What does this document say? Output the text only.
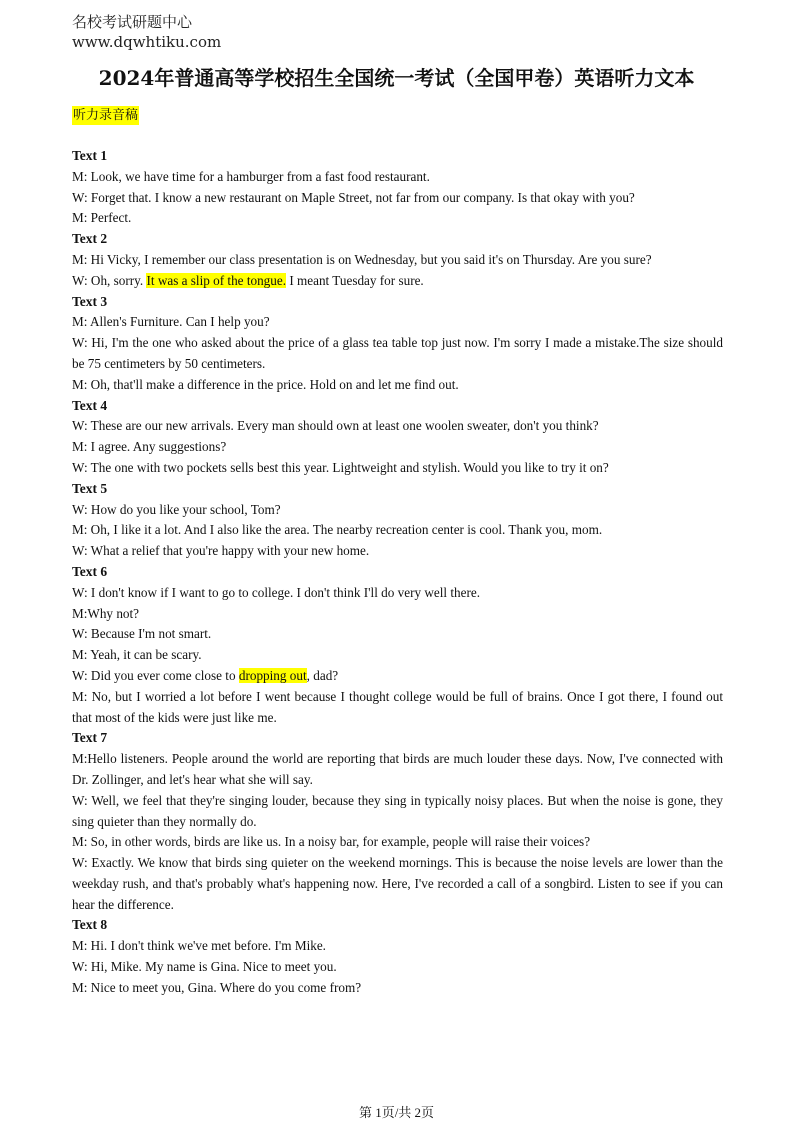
名校考试研题中心
www.dqwhtiku.com
2024年普通高等学校招生全国统一考试（全国甲卷）英语听力文本
听力录音稿
Text 1
M: Look, we have time for a hamburger from a fast food restaurant.
W: Forget that. I know a new restaurant on Maple Street, not far from our company. Is that okay with you?
M: Perfect.
Text 2
M: Hi Vicky, I remember our class presentation is on Wednesday, but you said it's on Thursday. Are you sure?
W: Oh, sorry. It was a slip of the tongue. I meant Tuesday for sure.
Text 3
M: Allen's Furniture. Can I help you?
W: Hi, I'm the one who asked about the price of a glass tea table top just now. I'm sorry I made a mistake.The size should be 75 centimeters by 50 centimeters.
M: Oh, that'll make a difference in the price. Hold on and let me find out.
Text 4
W: These are our new arrivals. Every man should own at least one woolen sweater, don't you think?
M: I agree. Any suggestions?
W: The one with two pockets sells best this year. Lightweight and stylish. Would you like to try it on?
Text 5
W: How do you like your school, Tom?
M: Oh, I like it a lot. And I also like the area. The nearby recreation center is cool. Thank you, mom.
W: What a relief that you're happy with your new home.
Text 6
W: I don't know if I want to go to college. I don't think I'll do very well there.
M:Why not?
W: Because I'm not smart.
M: Yeah, it can be scary.
W: Did you ever come close to dropping out, dad?
M: No, but I worried a lot before I went because I thought college would be full of brains. Once I got there, I found out that most of the kids were just like me.
Text 7
M:Hello listeners. People around the world are reporting that birds are much louder these days. Now, I've connected with Dr. Zollinger, and let's hear what she will say.
W: Well, we feel that they're singing louder, because they sing in typically noisy places. But when the noise is gone, they sing quieter than they normally do.
M: So, in other words, birds are like us. In a noisy bar, for example, people will raise their voices?
W: Exactly. We know that birds sing quieter on the weekend mornings. This is because the noise levels are lower than the weekday rush, and that's probably what's happening now. Here, I've recorded a call of a songbird. Listen to see if you can hear the difference.
Text 8
M: Hi. I don't think we've met before. I'm Mike.
W: Hi, Mike. My name is Gina. Nice to meet you.
M: Nice to meet you, Gina. Where do you come from?
第 1页/共 2页
